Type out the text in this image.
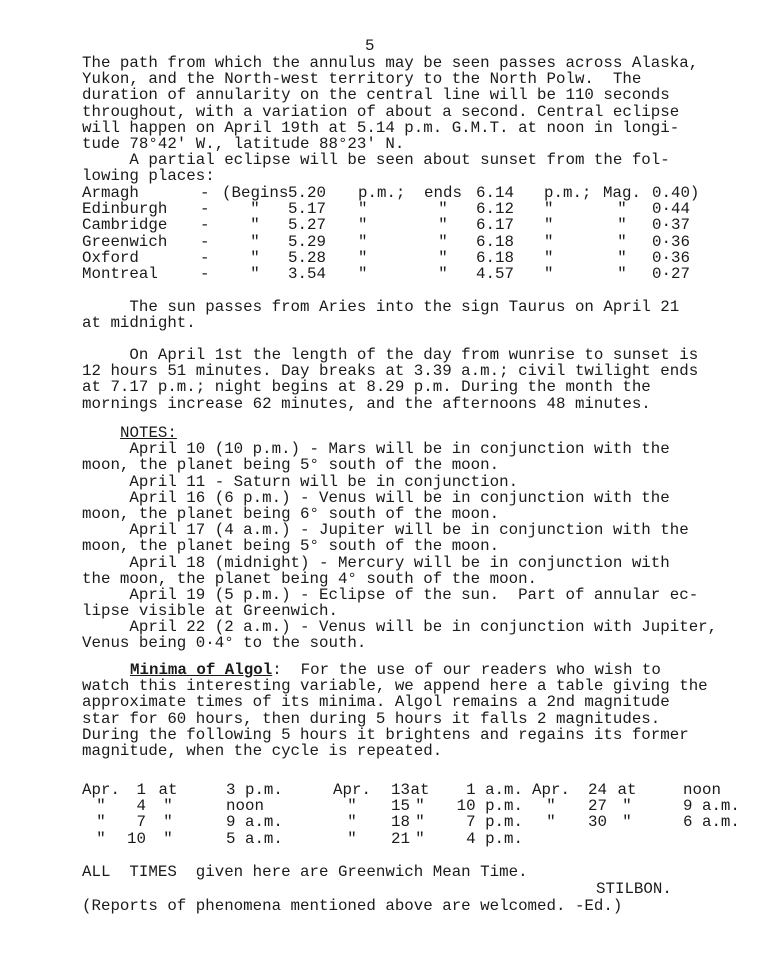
5
The path from which the annulus may be seen passes across Alaska,
Yukon, and the North-west territory to the North Polw.  The
duration of annularity on the central line will be 110 seconds
throughout, with a variation of about a second. Central eclipse
will happen on April 19th at 5.14 p.m. G.M.T. at noon in longi-
tude 78°42' W., latitude 88°23' N.
A partial eclipse will be seen about sunset from the fol-
lowing places:
Armagh	- (Begins 5.20	p.m.;	ends 6.14	p.m.; Mag. 0.40)
Edinburgh	-	"	5.17	"	"	6.12	"	"	0·44
Cambridge	-	"	5.27	"	"	6.17	"	"	0·37
Greenwich	-	"	5.29	"	"	6.18	"	"	0·36
Oxford	-	"	5.28	"	"	6.18	"	"	0·36
Montreal	-	"	3.54	"	"	4.57	"	"	0·27
The sun passes from Aries into the sign Taurus on April 21
at midnight.
On April 1st the length of the day from wunrise to sunset is
12 hours 51 minutes. Day breaks at 3.39 a.m.; civil twilight ends
at 7.17 p.m.; night begins at 8.29 p.m. During the month the
mornings increase 62 minutes, and the afternoons 48 minutes.
NOTES:
April 10 (10 p.m.) - Mars will be in conjunction with the
moon, the planet being 5° south of the moon.
April 11 - Saturn will be in conjunction.
April 16 (6 p.m.) - Venus will be in conjunction with the
moon, the planet being 6° south of the moon.
April 17 (4 a.m.) - Jupiter will be in conjunction with the
moon, the planet being 5° south of the moon.
April 18 (midnight) - Mercury will be in conjunction with
the moon, the planet being 4° south of the moon.
April 19 (5 p.m.) - Eclipse of the sun.  Part of annular ec-
lipse visible at Greenwich.
April 22 (2 a.m.) - Venus will be in conjunction with Jupiter,
Venus being 0·4° to the south.
Minima of Algol:  For the use of our readers who wish to
watch this interesting variable, we append here a table giving the
approximate times of its minima. Algol remains a 2nd magnitude
star for 60 hours, then during 5 hours it falls 2 magnitudes.
During the following 5 hours it brightens and regains its former
magnitude, when the cycle is repeated.
Apr.	1 at	3 p.m.	Apr.	13 at	1 a.m. Apr.	24 at	noon
"	4	"	noon	"	15 "	10 p.m.	"	27 "	9 a.m.
"	7	"	9 a.m.	"	18 "	7 p.m.	"	30 "	6 a.m.
"	10	"	5 a.m.	"	21 "	4 p.m.
ALL  TIMES  given here are Greenwich Mean Time.
STILBON.
(Reports of phenomena mentioned above are welcomed. -Ed.)
